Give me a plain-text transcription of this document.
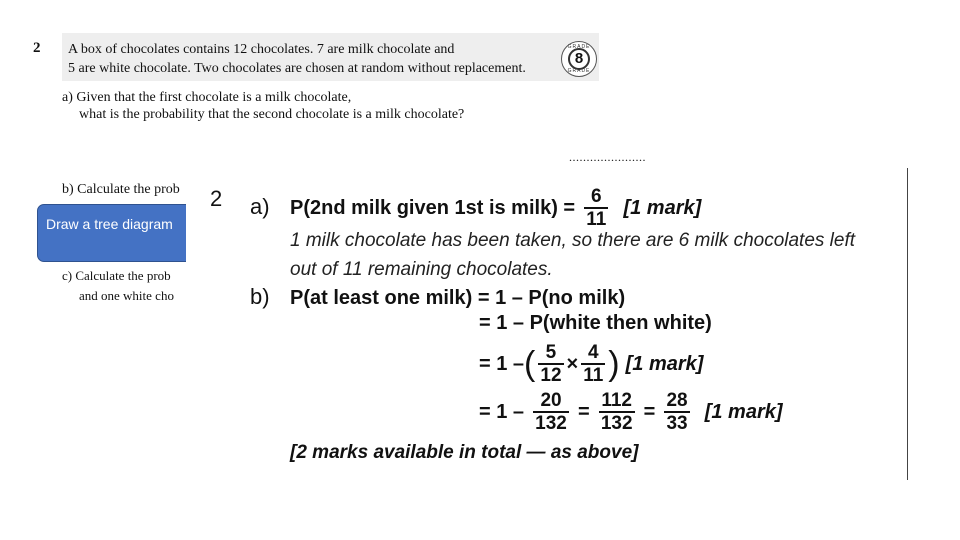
2 A box of chocolates contains 12 chocolates. 7 are milk chocolate and
5 are white chocolate. Two chocolates are chosen at random without replacement.
GRADE
8
GRADE
a) Given that the first chocolate is a milk chocolate,
what is the probability that the second chocolate is a milk chocolate?
......................
b) Calculate the prob
c) Calculate the prob
and one white cho
Draw a tree diagram
2 a) P(2nd milk given 1st is milk) = $\frac{6}{11} [1$ mark]
1 milk chocolate has been taken, so there are 6 milk chocolates left
out of 11 remaining chocolates.
b) P(at least one milk) = 1 – P(no milk)
= 1 – P(white then white)
= 1 –( $\frac{5}{12} \times \frac{4}{11}$ ) [1 mark]
= $1 - \frac{20}{132} = \frac{112}{132} = \frac{28}{33} [1$ mark]
[2 marks available in total — as above]
